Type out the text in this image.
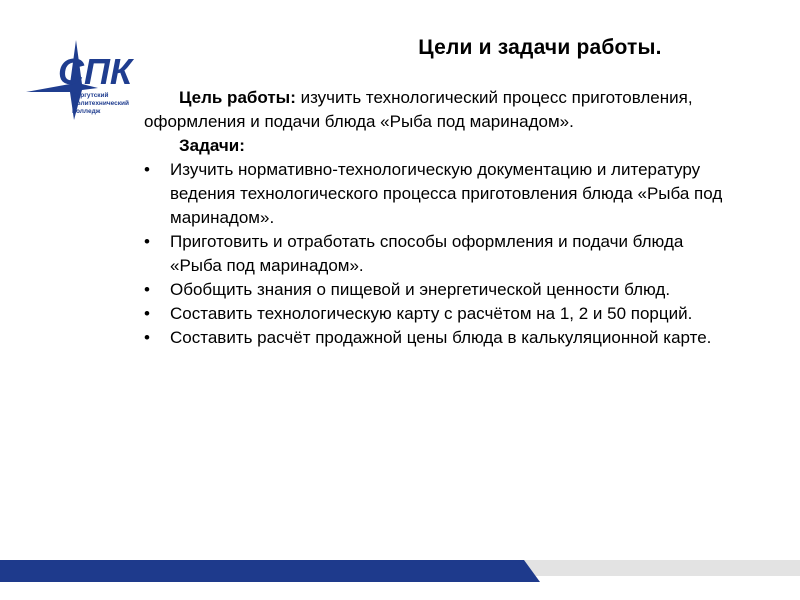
СПК
Сургутский
Политехнический
Колледж
Цели и задачи работы.
Цель работы: изучить технологический процесс приготовления, оформления и подачи блюда «Рыба под маринадом».
Задачи:
•	Изучить нормативно-технологическую документацию и литературу ведения технологического процесса приготовления блюда «Рыба под маринадом».
•	Приготовить и отработать способы оформления и подачи блюда «Рыба под маринадом».
•	Обобщить знания о пищевой и энергетической ценности блюд.
•	Составить технологическую карту с расчётом на 1, 2 и 50 порций.
•	Составить расчёт продажной цены блюда в калькуляционной карте.
